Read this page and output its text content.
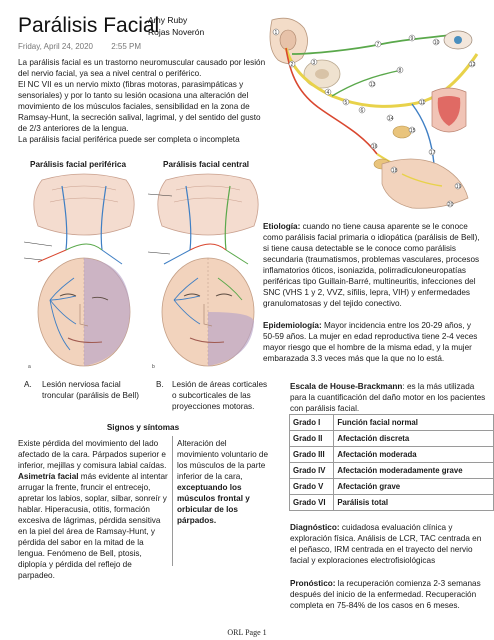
Parálisis Facial
Friday, April 24, 2020 2:55 PM
Amy Ruby
Rojas Noverón

La parálisis facial es un trastorno neuromuscular causado por lesión del nervio facial, ya sea a nivel central o periférico.

El NC VII es un nervio mixto (fibras motoras, parasimpáticas y sensoriales) y por lo tanto su lesión ocasiona una alteración del movimiento de los músculos faciales, sensibilidad en la zona de Ramsay-Hunt, la secreción salival, lagrimal, y del sentido del gusto de 2/3 anteriores de la lengua.

La parálisis facial periférica puede ser completa o incompleta

1
2	3
4
5
6
7
8
9
10
11
12
13
14
15
16
17
18
19
20
Parálisis facial periférica	Parálisis facial central
a	b
Etiología: cuando no tiene causa aparente se le conoce como parálisis facial primaria o idiopática (parálisis de Bell), si tiene causa detectable se le conoce como parálisis secundaria (traumatismos, problemas vasculares, procesos inflamatorios óticos, isoniazida, polirradiculoneuropatías periféricas tipo Guillain-Barré, multineuritis, infecciones del SNC (VHS 1 y 2, VVZ, sífilis, lepra, VIH) y enfermedades granulomatosas y del tejido conectivo.
Epidemiología: Mayor incidencia entre los 20-29 años, y 50-59 años. La mujer en edad reproductiva tiene 2-4 veces mayor riesgo que el hombre de la misma edad, y la mujer embarazada 3.3 veces más que la que no lo está.
A. Lesión nerviosa facial troncular (parálisis de Bell)
B. Lesión de áreas corticales o subcorticales de las proyecciones motoras.
Signos y síntomas
Existe pérdida del movimiento del lado afectado de la cara. Párpados superior e inferior, mejillas y comisura labial caídas. Asimetría facial más evidente al intentar arrugar la frente, fruncir el entrecejo, apretar los labios, soplar, silbar, sonreír y hablar. Hiperacusia, otitis, formación excesiva de lágrimas, pérdida sensitiva en la piel del área de Ramsay-Hunt, y pérdida del sabor en la mitad de la lengua. Fenómeno de Bell, ptosis, diplopía y pérdida del reflejo de parpadeo.
Alteración del movimiento voluntario de los músculos de la parte inferior de la cara, exceptuando los músculos frontal y orbicular de los párpados.
Escala de House-Brackmann: es la más utilizada para la cuantificación del daño motor en los pacientes con parálisis facial.
Grado I	Función facial normal
Grado II	Afectación discreta
Grado III	Afectación moderada
Grado IV	Afectación moderadamente grave
Grado V	Afectación grave
Grado VI	Parálisis total
Diagnóstico: cuidadosa evaluación clínica y exploración física. Análisis de LCR, TAC centrada en el peñasco, IRM centrada en el trayecto del nervio facial y exploraciones electrofisiológicas
Pronóstico: la recuperación comienza 2-3 semanas después del inicio de la enfermedad. Recuperación completa en 75-84% de los casos en 6 meses.
ORL Page 1
